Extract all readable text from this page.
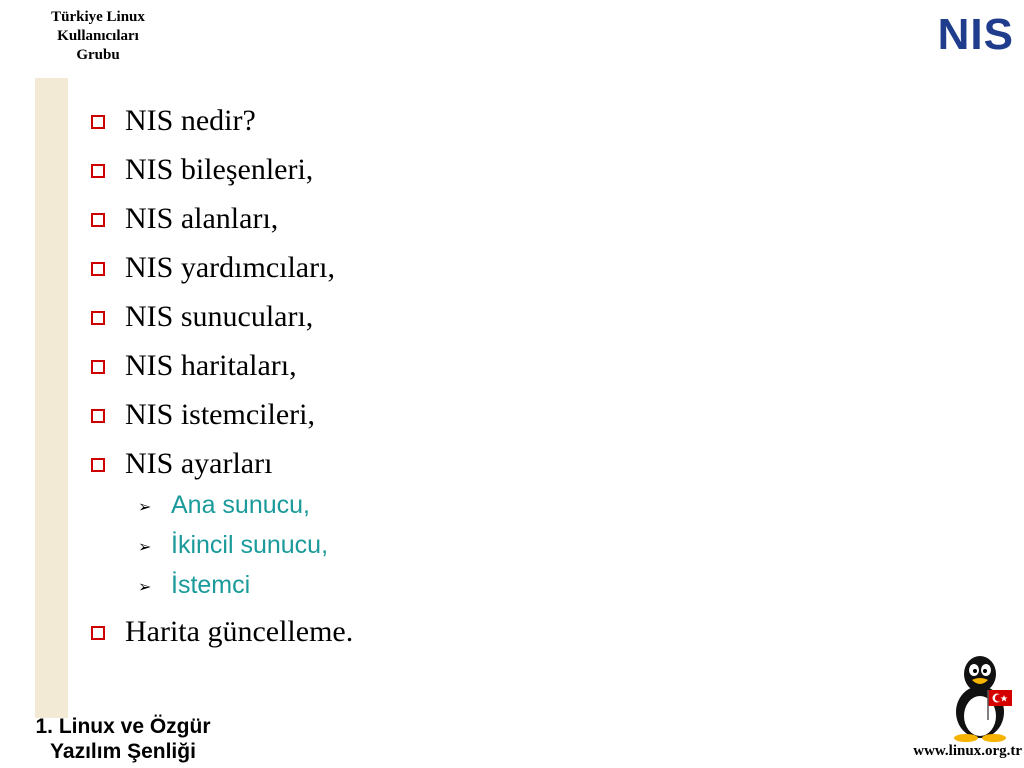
Türkiye Linux
Kullanıcıları
Grubu	NIS
NIS nedir?
NIS bileşenleri,
NIS alanları,
NIS yardımcıları,
NIS sunucuları,
NIS haritaları,
NIS istemcileri,
NIS ayarları
➢ Ana sunucu,
➢ İkincil sunucu,
➢ İstemci
Harita güncelleme.
1. Linux ve Özgür
Yazılım Şenliği	www.linux.org.tr
